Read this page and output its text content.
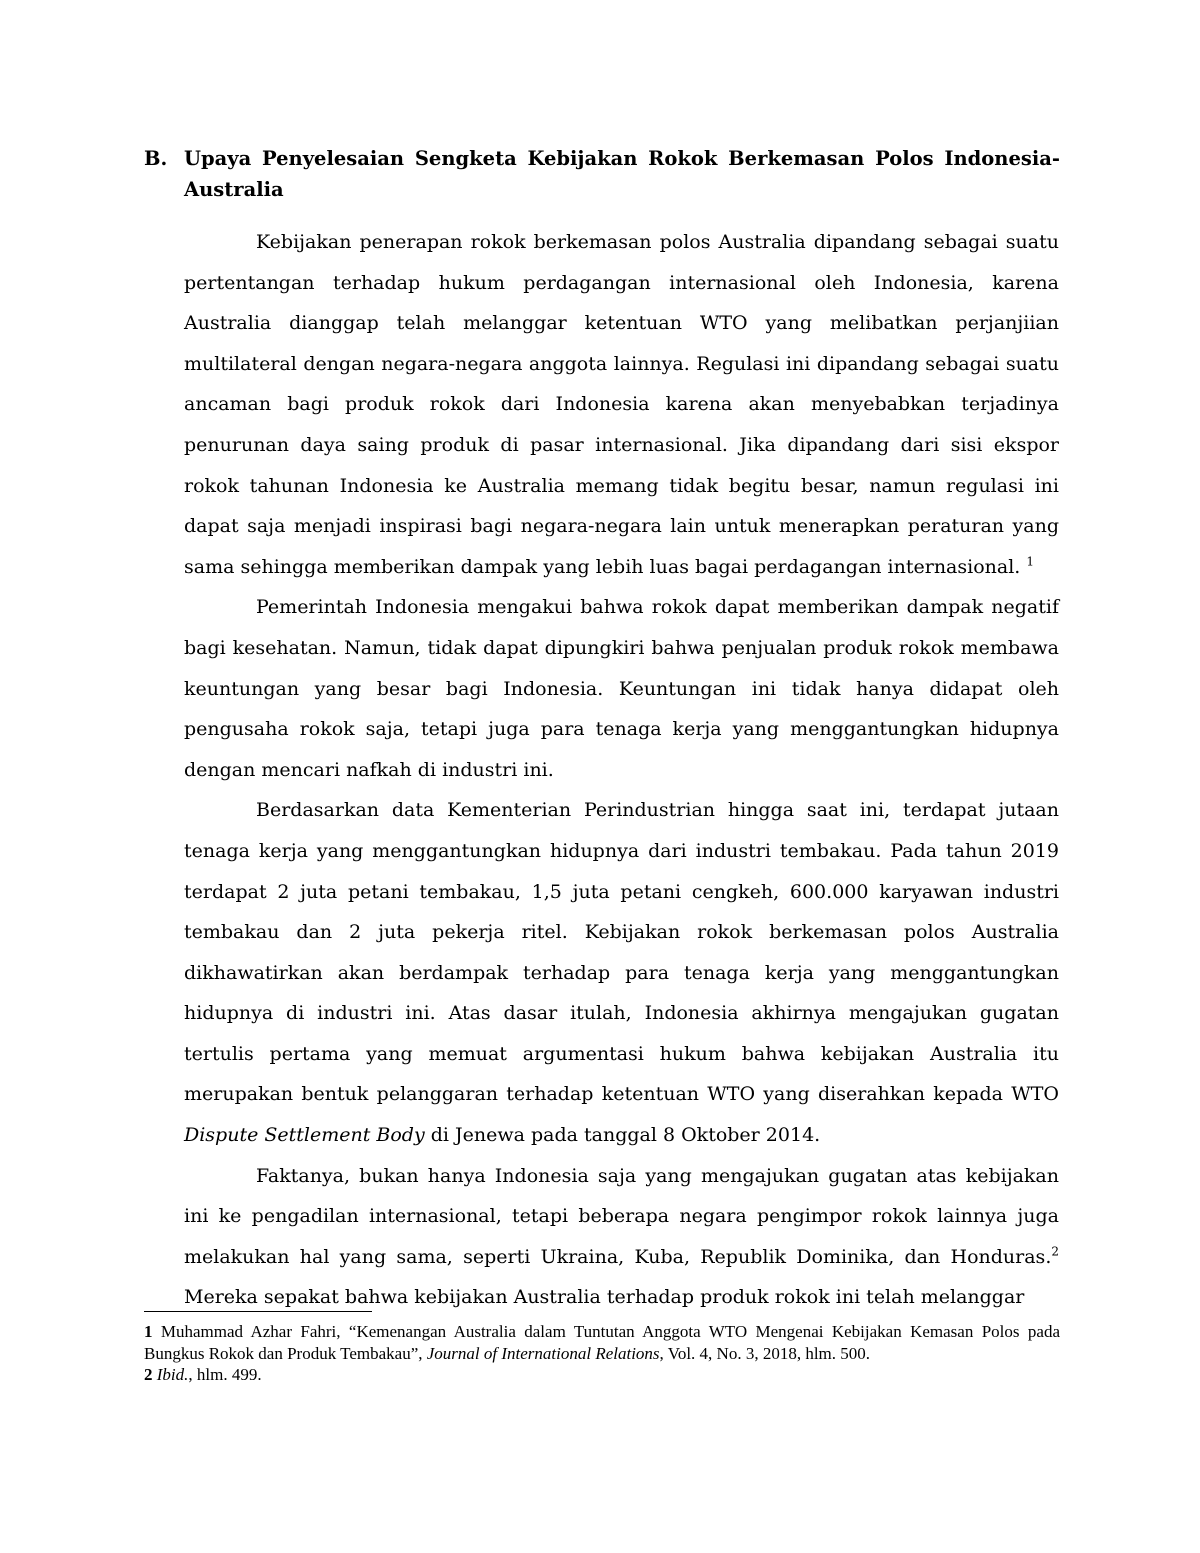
B. Upaya Penyelesaian Sengketa Kebijakan Rokok Berkemasan Polos Indonesia-Australia

Kebijakan penerapan rokok berkemasan polos Australia dipandang sebagai suatu pertentangan terhadap hukum perdagangan internasional oleh Indonesia, karena Australia dianggap telah melanggar ketentuan WTO yang melibatkan perjanjiian multilateral dengan negara-negara anggota lainnya. Regulasi ini dipandang sebagai suatu ancaman bagi produk rokok dari Indonesia karena akan menyebabkan terjadinya penurunan daya saing produk di pasar internasional. Jika dipandang dari sisi ekspor rokok tahunan Indonesia ke Australia memang tidak begitu besar, namun regulasi ini dapat saja menjadi inspirasi bagi negara-negara lain untuk menerapkan peraturan yang sama sehingga memberikan dampak yang lebih luas bagai perdagangan internasional. $^1$

Pemerintah Indonesia mengakui bahwa rokok dapat memberikan dampak negatif bagi kesehatan. Namun, tidak dapat dipungkiri bahwa penjualan produk rokok membawa keuntungan yang besar bagi Indonesia. Keuntungan ini tidak hanya didapat oleh pengusaha rokok saja, tetapi juga para tenaga kerja yang menggantungkan hidupnya dengan mencari nafkah di industri ini.

Berdasarkan data Kementerian Perindustrian hingga saat ini, terdapat jutaan tenaga kerja yang menggantungkan hidupnya dari industri tembakau. Pada tahun 2019 terdapat 2 juta petani tembakau, 1,5 juta petani cengkeh, 600.000 karyawan industri tembakau dan 2 juta pekerja ritel. Kebijakan rokok berkemasan polos Australia dikhawatirkan akan berdampak terhadap para tenaga kerja yang menggantungkan hidupnya di industri ini. Atas dasar itulah, Indonesia akhirnya mengajukan gugatan tertulis pertama yang memuat argumentasi hukum bahwa kebijakan Australia itu merupakan bentuk pelanggaran terhadap ketentuan WTO yang diserahkan kepada WTO Dispute Settlement Body di Jenewa pada tanggal 8 Oktober 2014.

Faktanya, bukan hanya Indonesia saja yang mengajukan gugatan atas kebijakan ini ke pengadilan internasional, tetapi beberapa negara pengimpor rokok lainnya juga melakukan hal yang sama, seperti Ukraina, Kuba, Republik Dominika, dan Honduras.$^2$ Mereka sepakat bahwa kebijakan Australia terhadap produk rokok ini telah melanggar

1 Muhammad Azhar Fahri, “Kemenangan Australia dalam Tuntutan Anggota WTO Mengenai Kebijakan Kemasan Polos pada Bungkus Rokok dan Produk Tembakau”, Journal of International Relations, Vol. 4, No. 3, 2018, hlm. 500.

2 Ibid., hlm. 499.
